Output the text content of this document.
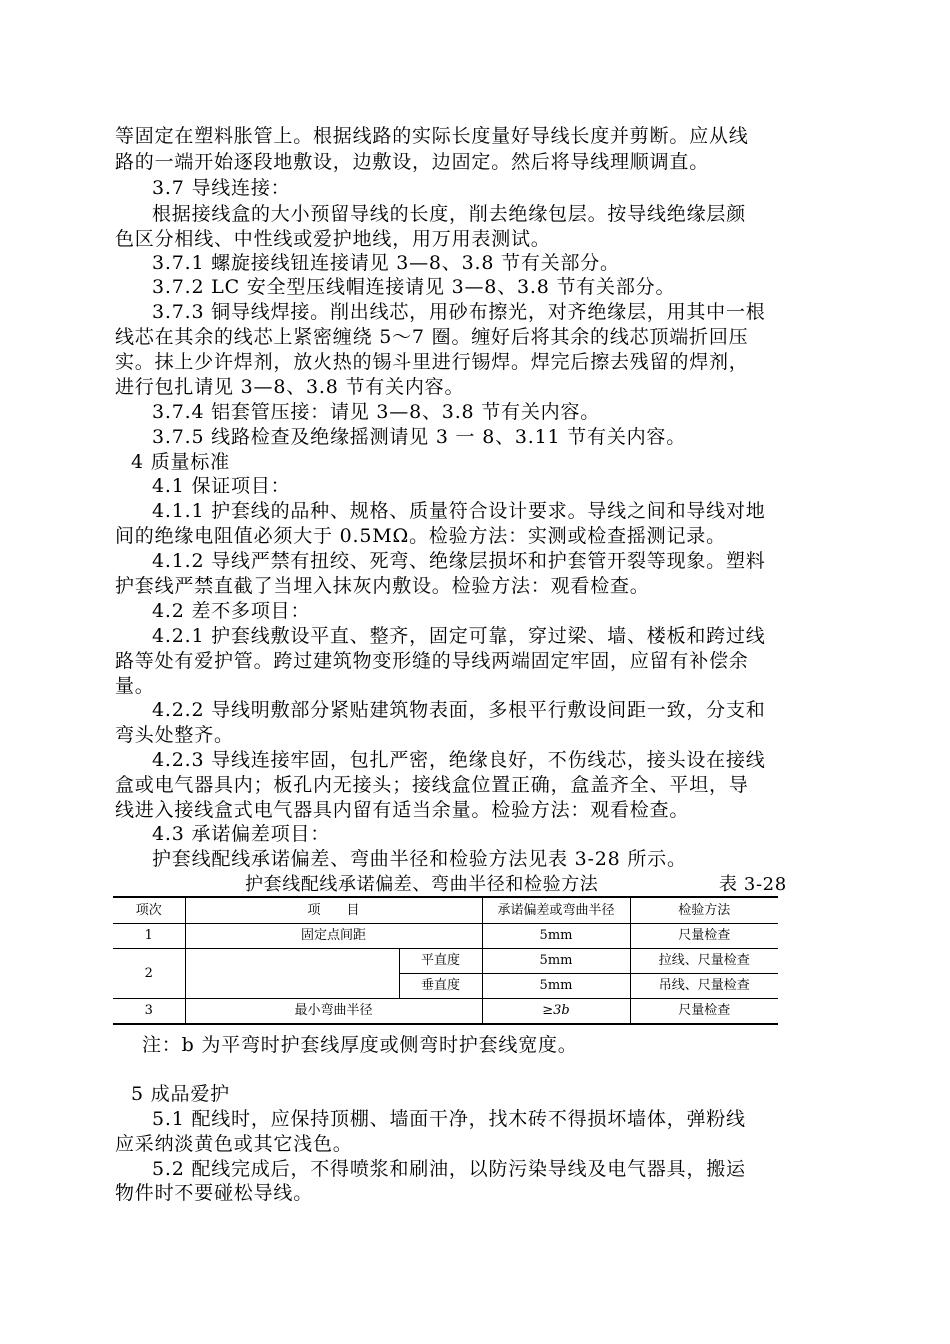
等固定在塑料胀管上。根据线路的实际长度量好导线长度并剪断。应从线
路的一端开始逐段地敷设，边敷设，边固定。然后将导线理顺调直。
3.7 导线连接：
根据接线盒的大小预留导线的长度，削去绝缘包层。按导线绝缘层颜
色区分相线、中性线或爱护地线，用万用表测试。
3.7.1 螺旋接线钮连接请见 3—8、3.8 节有关部分。
3.7.2 LC 安全型压线帽连接请见 3—8、3.8 节有关部分。
3.7.3 铜导线焊接。削出线芯，用砂布擦光，对齐绝缘层，用其中一根
线芯在其余的线芯上紧密缠绕 5～7 圈。缠好后将其余的线芯顶端折回压
实。抹上少许焊剂，放火热的锡斗里进行锡焊。焊完后擦去残留的焊剂，
进行包扎请见 3—8、3.8 节有关内容。
3.7.4 铝套管压接：请见 3—8、3.8 节有关内容。
3.7.5 线路检查及绝缘摇测请见 3 一 8、3.11 节有关内容。
4 质量标准
4.1 保证项目：
4.1.1 护套线的品种、规格、质量符合设计要求。导线之间和导线对地
间的绝缘电阻值必须大于 0.5MΩ。检验方法：实测或检查摇测记录。
4.1.2 导线严禁有扭绞、死弯、绝缘层损坏和护套管开裂等现象。塑料
护套线严禁直截了当埋入抹灰内敷设。检验方法：观看检查。
4.2 差不多项目：
4.2.1 护套线敷设平直、整齐，固定可靠，穿过梁、墙、楼板和跨过线
路等处有爱护管。跨过建筑物变形缝的导线两端固定牢固，应留有补偿余
量。
4.2.2 导线明敷部分紧贴建筑物表面，多根平行敷设间距一致，分支和
弯头处整齐。
4.2.3 导线连接牢固，包扎严密，绝缘良好，不伤线芯，接头设在接线
盒或电气器具内；板孔内无接头；接线盒位置正确，盒盖齐全、平坦，导
线进入接线盒式电气器具内留有适当余量。检验方法：观看检查。
4.3 承诺偏差项目：
护套线配线承诺偏差、弯曲半径和检验方法见表 3-28 所示。
护套线配线承诺偏差、弯曲半径和检验方法	表 3-28
项次	项　　目		承诺偏差或弯曲半径	检验方法
1	固定点间距		5mm	尺量检查
2		平直度	5mm	拉线、尺量检查
		垂直度	5mm	吊线、尺量检查
3	最小弯曲半径		≥3b	尺量检查
注：b 为平弯时护套线厚度或侧弯时护套线宽度。
5 成品爱护
5.1 配线时，应保持顶棚、墙面干净，找木砖不得损坏墙体，弹粉线
应采纳淡黄色或其它浅色。
5.2 配线完成后，不得喷浆和刷油，以防污染导线及电气器具，搬运
物件时不要碰松导线。
